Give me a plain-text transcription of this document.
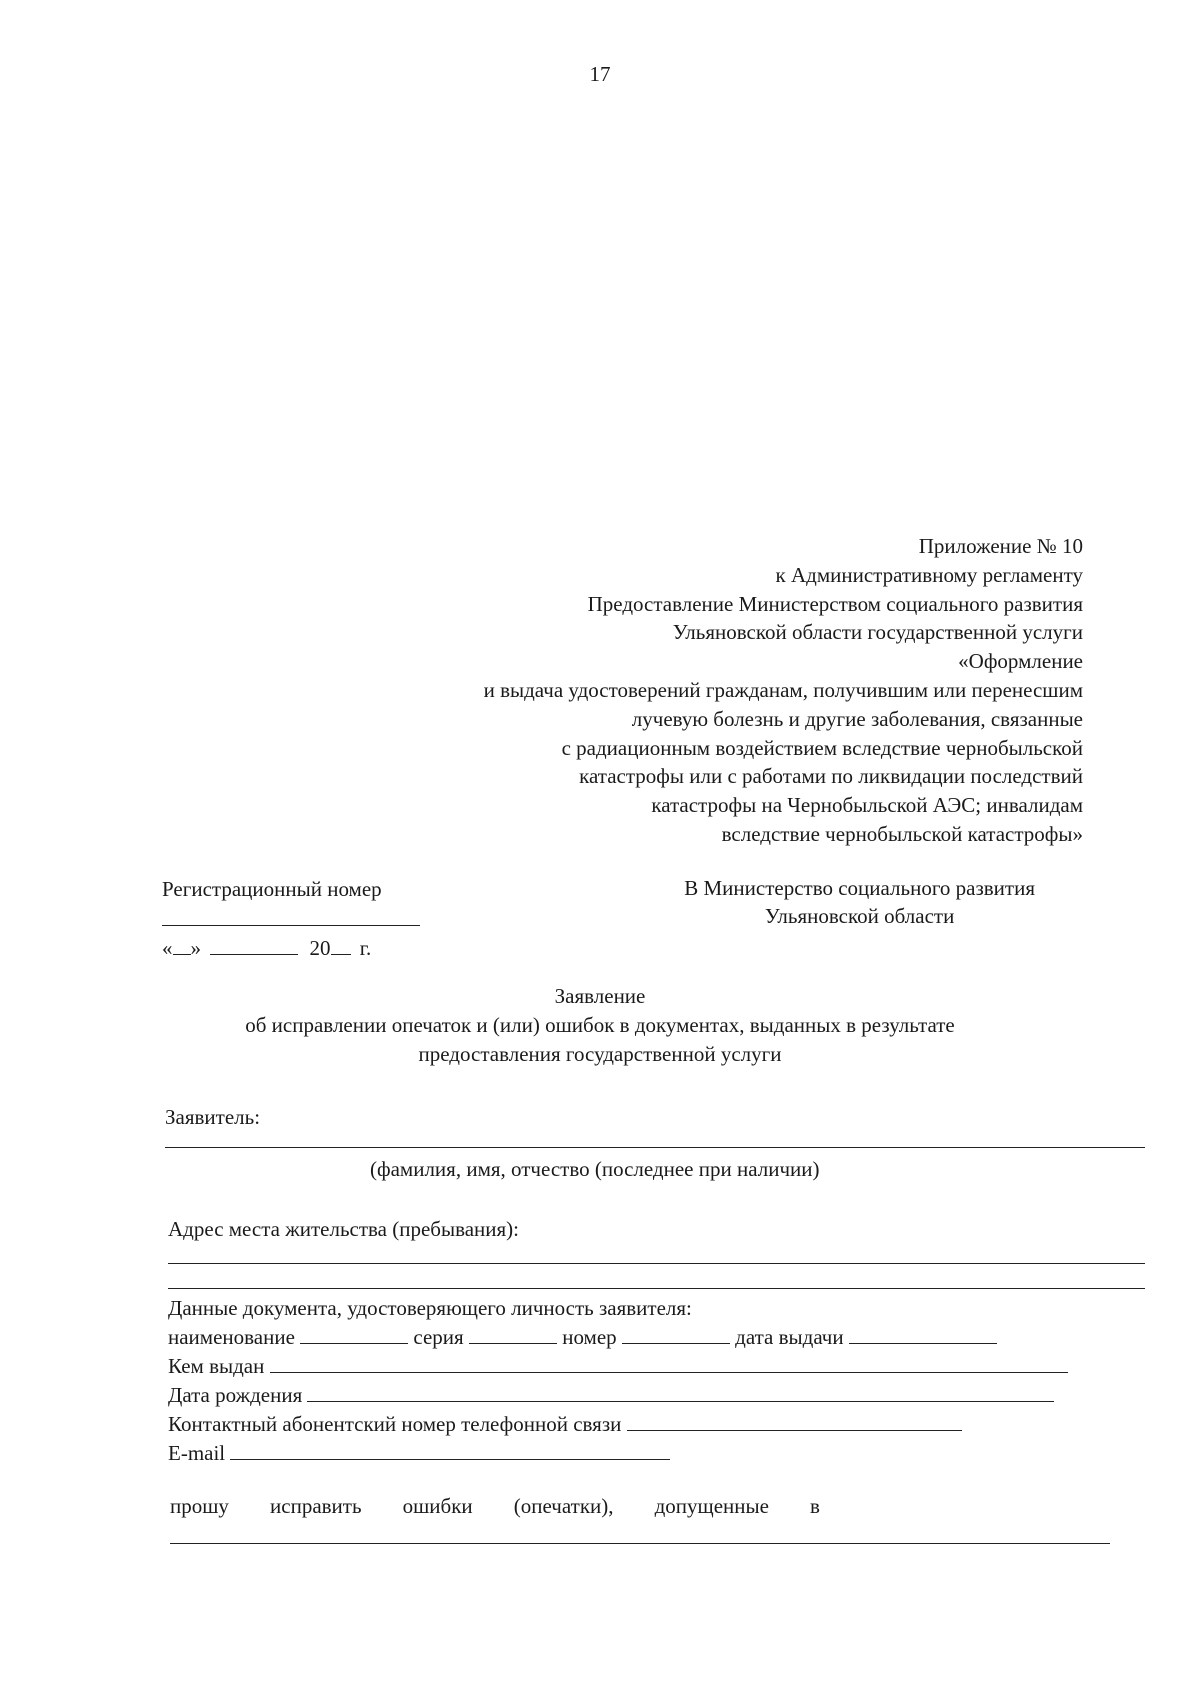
17
Приложение № 10
к Административному регламенту
Предоставление Министерством социального развития
Ульяновской области государственной услуги
«Оформление
и выдача удостоверений гражданам, получившим или перенесшим
лучевую болезнь и другие заболевания, связанные
с радиационным воздействием вследствие чернобыльской
катастрофы или с работами по ликвидации последствий
катастрофы на Чернобыльской АЭС; инвалидам
вследствие чернобыльской катастрофы»
Регистрационный номер
« »	20 г.
В Министерство социального развития
Ульяновской области
Заявление
об исправлении опечаток и (или) ошибок в документах, выданных в результате
предоставления государственной услуги
Заявитель:
(фамилия, имя, отчество (последнее при наличии)
Адрес места жительства (пребывания):
Данные документа, удостоверяющего личность заявителя:
наименование	серия	номер	дата выдачи
Кем выдан
Дата рождения
Контактный абонентский номер телефонной связи
E-mail
прошу исправить ошибки (опечатки), допущенные в
